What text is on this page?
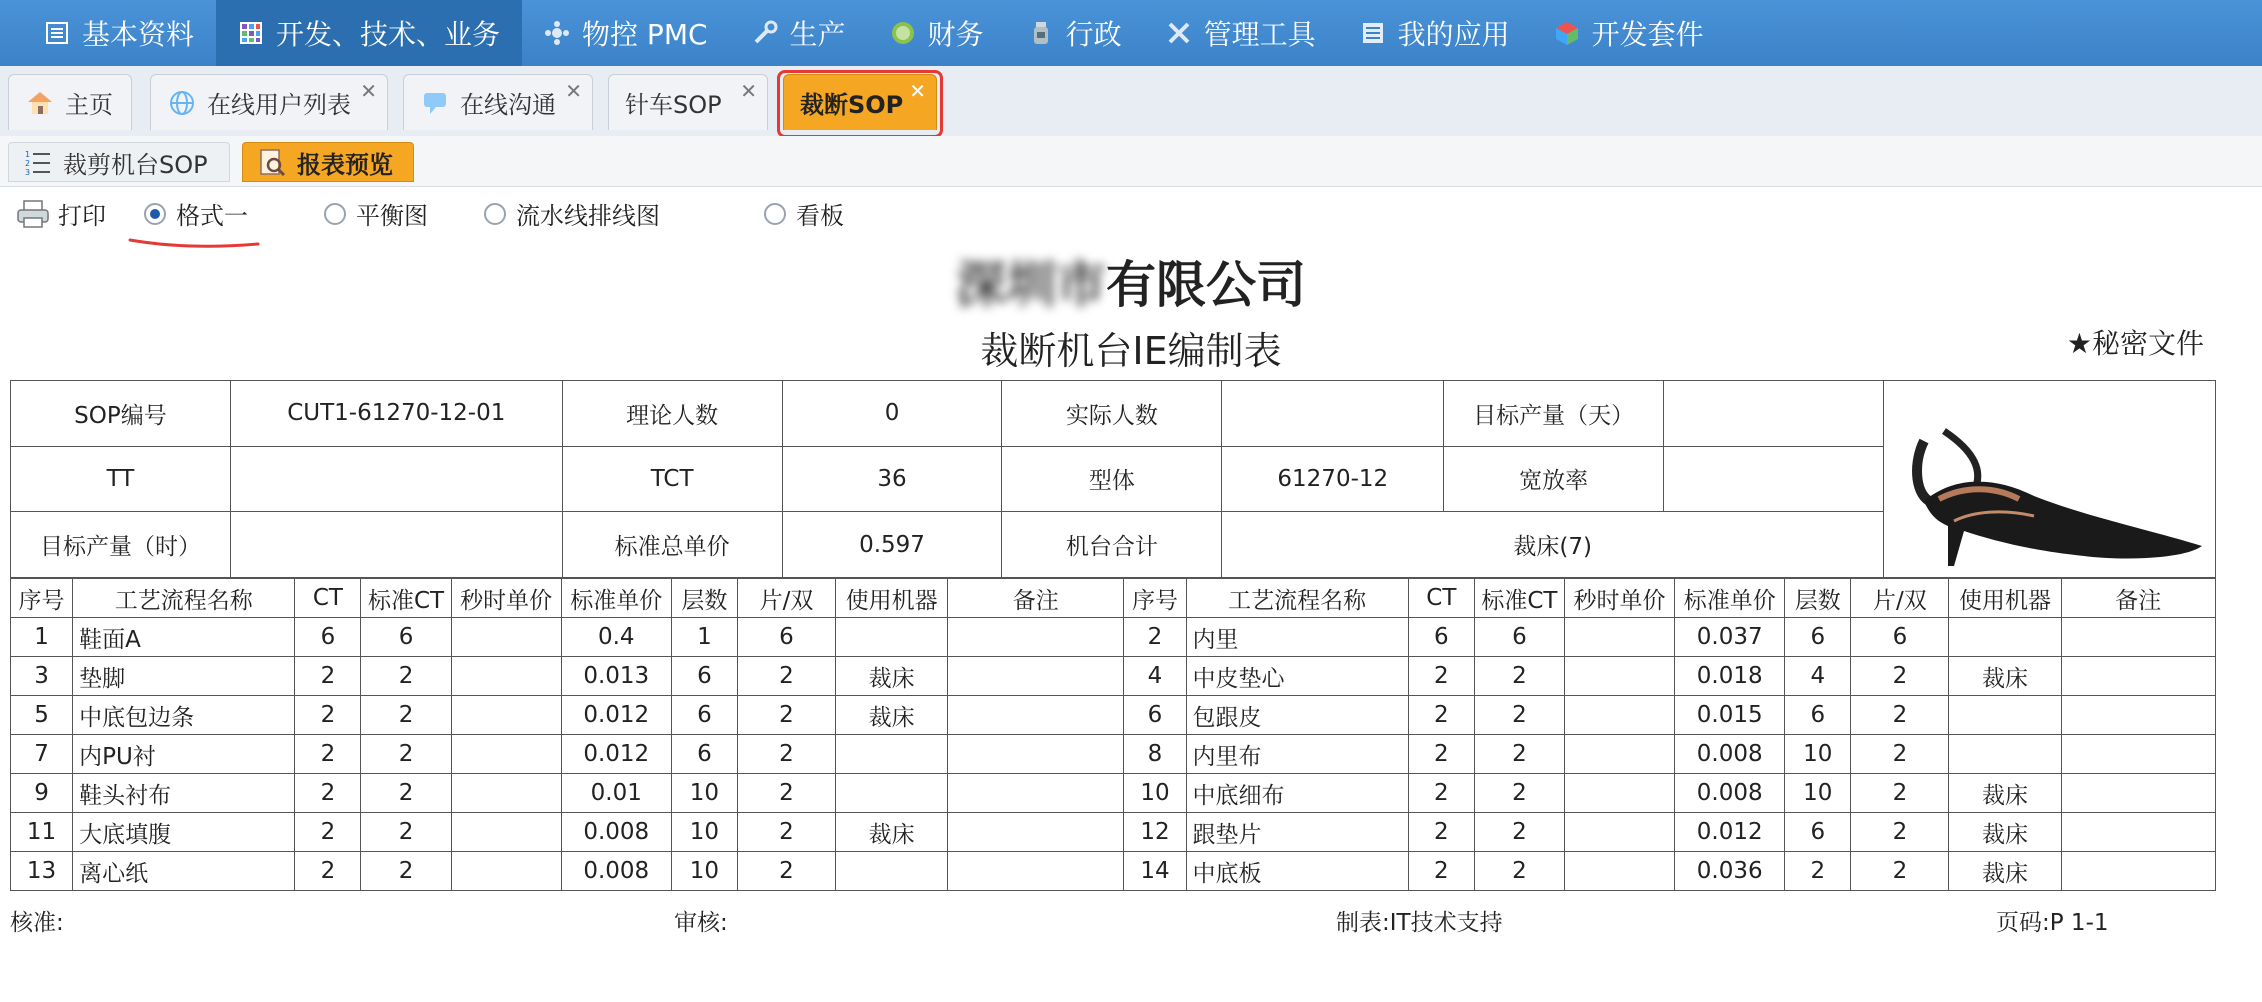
基本资料	开发、技术、业务	物控 PMC	生产	财务	行政	管理工具	我的应用	开发套件
主页	在线用户列表 ✕	在线沟通 ✕ 针车SOP ✕ 裁断SOP ✕
1
2
3 裁剪机台SOP	报表预览
打印	格式一	平衡图	流水线排线图	看板
深圳市有限公司
裁断机台IE编制表	★秘密文件
SOP编号	CUT1-61270-12-01	理论人数	0	实际人数		目标产量（天）		
TT		TCT	36	型体	61270-12	宽放率		
目标产量（时）		标准总单价	0.597	机台合计	裁床(7)			
序号	工艺流程名称	CT	标准CT	秒时单价	标准单价	层数	片/双	使用机器	备注	序号	工艺流程名称	CT	标准CT	秒时单价	标准单价	层数	片/双	使用机器	备注
1	鞋面A	6	6		0.4	1	6			2	内里	6	6		0.037	6	6		
3	垫脚	2	2		0.013	6	2	裁床		4	中皮垫心	2	2		0.018	4	2	裁床	
5	中底包边条	2	2		0.012	6	2	裁床		6	包跟皮	2	2		0.015	6	2		
7	内PU衬	2	2		0.012	6	2			8	内里布	2	2		0.008	10	2		
9	鞋头衬布	2	2		0.01	10	2			10	中底细布	2	2		0.008	10	2	裁床	
11	大底填腹	2	2		0.008	10	2	裁床		12	跟垫片	2	2		0.012	6	2	裁床	
13	离心纸	2	2		0.008	10	2			14	中底板	2	2		0.036	2	2	裁床	
核准:	审核:	制表:IT技术支持	页码:P 1-1
